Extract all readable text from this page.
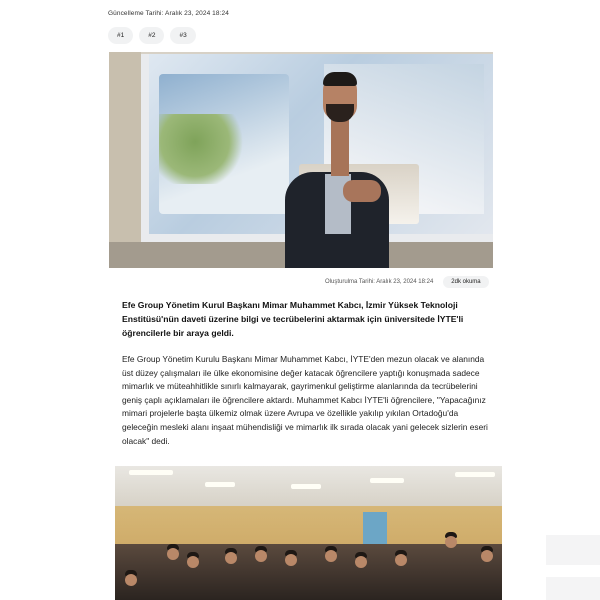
Güncelleme Tarihi: Aralık 23, 2024 18:24
#1	#2	#3
Oluşturulma Tarihi: Aralık 23, 2024 18:24	2dk okuma

Efe Group Yönetim Kurul Başkanı Mimar Muhammet Kabcı, İzmir Yüksek Teknoloji Enstitüsü'nün daveti üzerine bilgi ve tecrübelerini aktarmak için üniversitede İYTE'li öğrencilerle bir araya geldi.

Efe Group Yönetim Kurulu Başkanı Mimar Muhammet Kabcı, İYTE'den mezun olacak ve alanında üst düzey çalışmaları ile ülke ekonomisine değer katacak öğrencilere yaptığı konuşmada sadece mimarlık ve müteahhitlikle sınırlı kalmayarak, gayrimenkul geliştirme alanlarında da tecrübelerini geniş çaplı açıklamaları ile öğrencilere aktardı. Muhammet Kabcı İYTE'li öğrencilere, "Yapacağınız mimari projelerle başta ülkemiz olmak üzere Avrupa ve özellikle yakılıp yıkılan Ortadoğu'da geleceğin mesleki alanı inşaat mühendisliği ve mimarlık ilk sırada olacak yani gelecek sizlerin eseri olacak" dedi.
